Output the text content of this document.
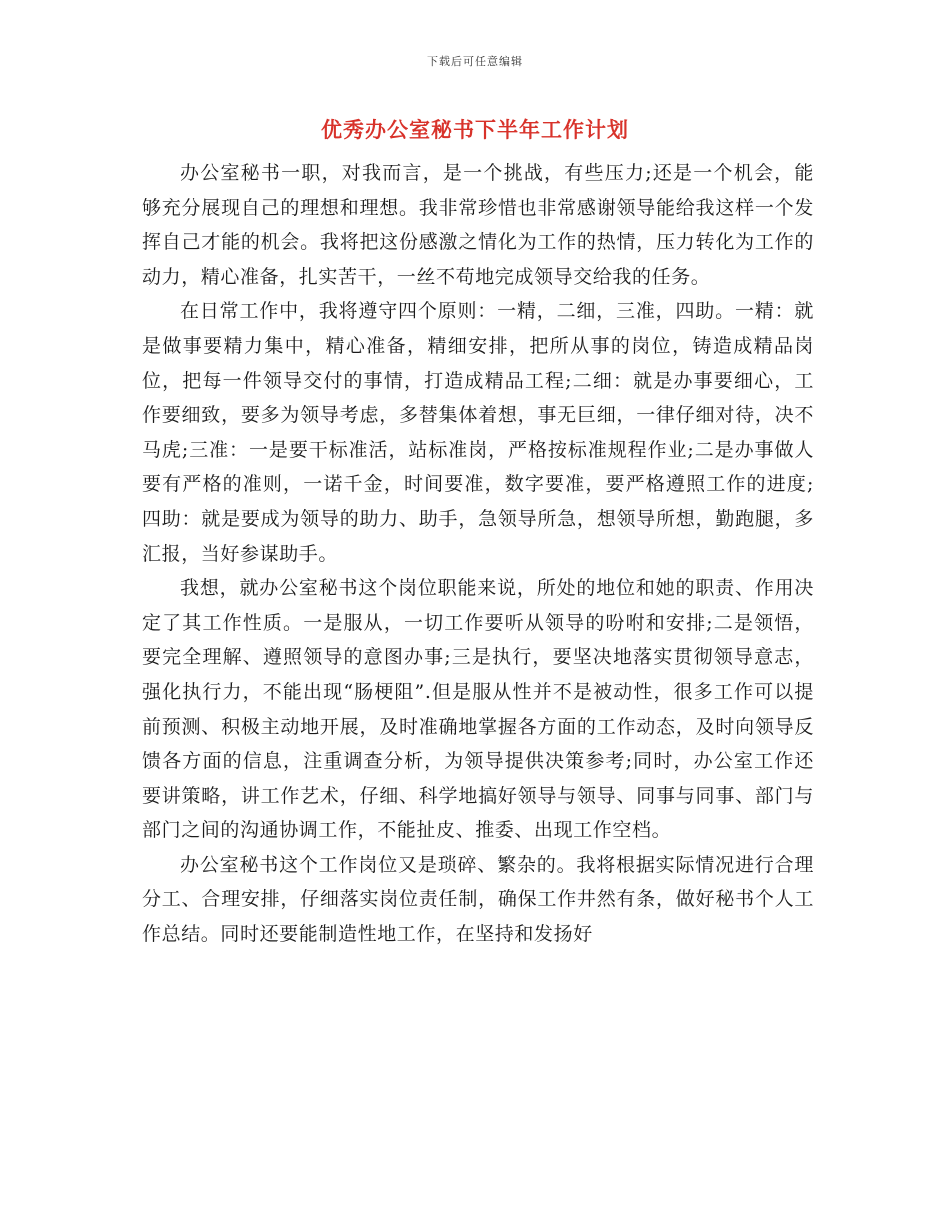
下载后可任意编辑
优秀办公室秘书下半年工作计划

办公室秘书一职，对我而言，是一个挑战，有些压力;还是一个机会，能够充分展现自己的理想和理想。我非常珍惜也非常感谢领导能给我这样一个发挥自己才能的机会。我将把这份感激之情化为工作的热情，压力转化为工作的动力，精心准备，扎实苦干，一丝不苟地完成领导交给我的任务。

在日常工作中，我将遵守四个原则：一精，二细，三准，四助。一精：就是做事要精力集中，精心准备，精细安排，把所从事的岗位，铸造成精品岗位，把每一件领导交付的事情，打造成精品工程;二细：就是办事要细心，工作要细致，要多为领导考虑，多替集体着想，事无巨细，一律仔细对待，决不马虎;三准：一是要干标准活，站标准岗，严格按标准规程作业;二是办事做人要有严格的准则，一诺千金，时间要准，数字要准，要严格遵照工作的进度;四助：就是要成为领导的助力、助手，急领导所急，想领导所想，勤跑腿，多汇报，当好参谋助手。

我想，就办公室秘书这个岗位职能来说，所处的地位和她的职责、作用决定了其工作性质。一是服从，一切工作要听从领导的吩咐和安排;二是领悟，要完全理解、遵照领导的意图办事;三是执行，要坚决地落实贯彻领导意志，强化执行力，不能出现“肠梗阻”.但是服从性并不是被动性，很多工作可以提前预测、积极主动地开展，及时准确地掌握各方面的工作动态，及时向领导反馈各方面的信息，注重调查分析，为领导提供决策参考;同时，办公室工作还要讲策略，讲工作艺术，仔细、科学地搞好领导与领导、同事与同事、部门与部门之间的沟通协调工作，不能扯皮、推委、出现工作空档。

办公室秘书这个工作岗位又是琐碎、繁杂的。我将根据实际情况进行合理分工、合理安排，仔细落实岗位责任制，确保工作井然有条，做好秘书个人工作总结。同时还要能制造性地工作，在坚持和发扬好
